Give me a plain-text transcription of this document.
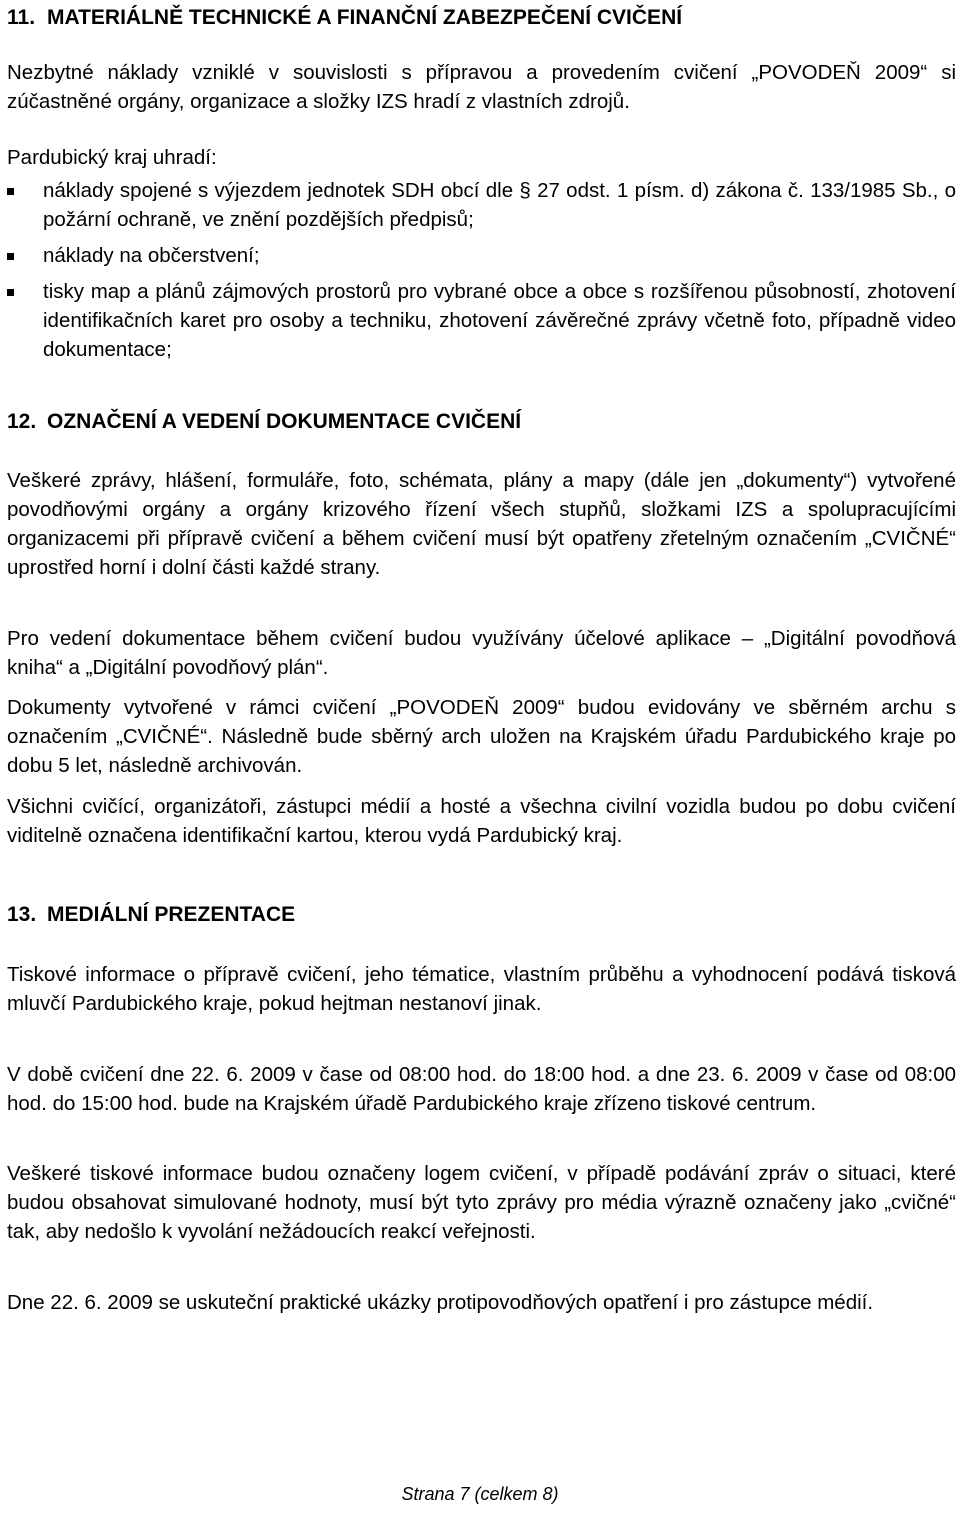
11. MATERIÁLNĚ TECHNICKÉ A FINANČNÍ ZABEZPEČENÍ CVIČENÍ

Nezbytné náklady vzniklé v souvislosti s přípravou a provedením cvičení „POVODEŇ 2009“ si zúčastněné orgány, organizace a složky IZS hradí z vlastních zdrojů.

Pardubický kraj uhradí:

náklady spojené s výjezdem jednotek SDH obcí dle § 27 odst. 1 písm. d) zákona č. 133/1985 Sb., o požární ochraně, ve znění pozdějších předpisů;
náklady na občerstvení;
tisky map a plánů zájmových prostorů pro vybrané obce a obce s rozšířenou působností, zhotovení identifikačních karet pro osoby a techniku, zhotovení závěrečné zprávy včetně foto, případně video dokumentace;
12. OZNAČENÍ A VEDENÍ DOKUMENTACE CVIČENÍ

Veškeré zprávy, hlášení, formuláře, foto, schémata, plány a mapy (dále jen „dokumenty“) vytvořené povodňovými orgány a orgány krizového řízení všech stupňů, složkami IZS a spolupracujícími organizacemi při přípravě cvičení a během cvičení musí být opatřeny zřetelným označením „CVIČNÉ“ uprostřed horní i dolní části každé strany.

Pro vedení dokumentace během cvičení budou využívány účelové aplikace – „Digitální povodňová kniha“ a „Digitální povodňový plán“.

Dokumenty vytvořené v rámci cvičení „POVODEŇ 2009“ budou evidovány ve sběrném archu s označením „CVIČNÉ“. Následně bude sběrný arch uložen na Krajském úřadu Pardubického kraje po dobu 5 let, následně archivován.

Všichni cvičící, organizátoři, zástupci médií a hosté a všechna civilní vozidla budou po dobu cvičení viditelně označena identifikační kartou, kterou vydá Pardubický kraj.

13. MEDIÁLNÍ PREZENTACE

Tiskové informace o přípravě cvičení, jeho tématice, vlastním průběhu a vyhodnocení podává tisková mluvčí Pardubického kraje, pokud hejtman nestanoví jinak.

V době cvičení dne 22. 6. 2009 v čase od 08:00 hod. do 18:00 hod. a dne 23. 6. 2009 v čase od 08:00 hod. do 15:00 hod. bude na Krajském úřadě Pardubického kraje zřízeno tiskové centrum.

Veškeré tiskové informace budou označeny logem cvičení, v případě podávání zpráv o situaci, které budou obsahovat simulované hodnoty, musí být tyto zprávy pro média výrazně označeny jako „cvičné“ tak, aby nedošlo k vyvolání nežádoucích reakcí veřejnosti.

Dne 22. 6. 2009 se uskuteční praktické ukázky protipovodňových opatření i pro zástupce médií.

Strana 7 (celkem 8)
